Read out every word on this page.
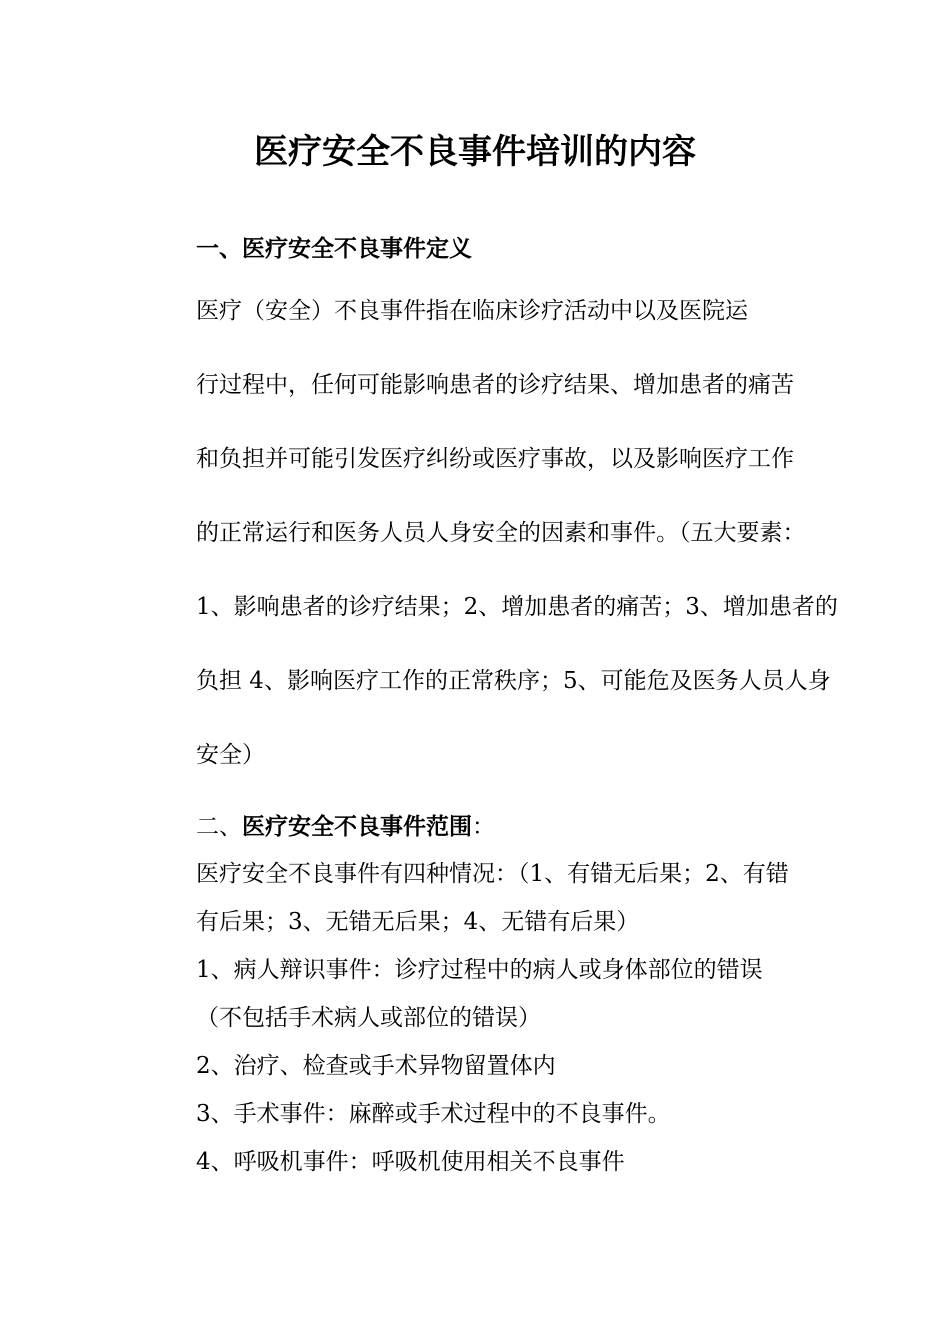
医疗安全不良事件培训的内容
一、医疗安全不良事件定义

医疗（安全）不良事件指在临床诊疗活动中以及医院运
行过程中，任何可能影响患者的诊疗结果、增加患者的痛苦
和负担并可能引发医疗纠纷或医疗事故，以及影响医疗工作
的正常运行和医务人员人身安全的因素和事件。（五大要素：
1、影响患者的诊疗结果；2、增加患者的痛苦；3、增加患者的
负担 4、影响医疗工作的正常秩序；5、可能危及医务人员人身
安全）

二、医疗安全不良事件范围：

医疗安全不良事件有四种情况：（1、有错无后果；2、有错
有后果；3、无错无后果；4、无错有后果）

1、病人辩识事件：诊疗过程中的病人或身体部位的错误
（不包括手术病人或部位的错误）

2、治疗、检查或手术异物留置体内

3、手术事件：麻醉或手术过程中的不良事件。

4、呼吸机事件：呼吸机使用相关不良事件
